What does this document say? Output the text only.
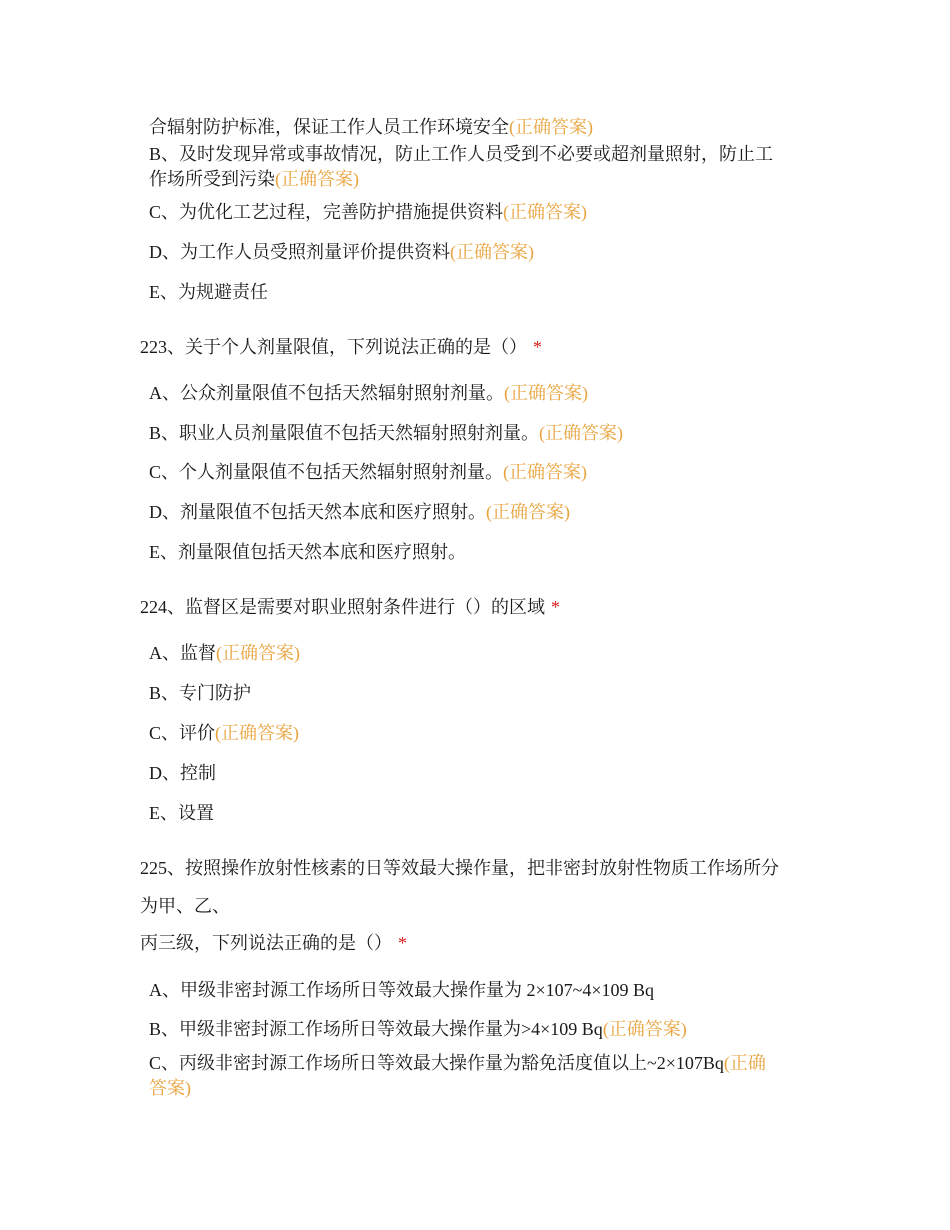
合辐射防护标准，保证工作人员工作环境安全(正确答案)
B、及时发现异常或事故情况，防止工作人员受到不必要或超剂量照射，防止工
作场所受到污染(正确答案)
C、为优化工艺过程，完善防护措施提供资料(正确答案)
D、为工作人员受照剂量评价提供资料(正确答案)
E、为规避责任
223、关于个人剂量限值，下列说法正确的是（） *
A、公众剂量限值不包括天然辐射照射剂量。(正确答案)
B、职业人员剂量限值不包括天然辐射照射剂量。(正确答案)
C、个人剂量限值不包括天然辐射照射剂量。(正确答案)
D、剂量限值不包括天然本底和医疗照射。(正确答案)
E、剂量限值包括天然本底和医疗照射。
224、监督区是需要对职业照射条件进行（）的区域 *
A、监督(正确答案)
B、专门防护
C、评价(正确答案)
D、控制
E、设置
225、按照操作放射性核素的日等效最大操作量，把非密封放射性物质工作场所分
为甲、乙、
丙三级，下列说法正确的是（） *
A、甲级非密封源工作场所日等效最大操作量为 2×107~4×109 Bq
B、甲级非密封源工作场所日等效最大操作量为>4×109 Bq(正确答案)
C、丙级非密封源工作场所日等效最大操作量为豁免活度值以上~2×107Bq(正确
答案)
